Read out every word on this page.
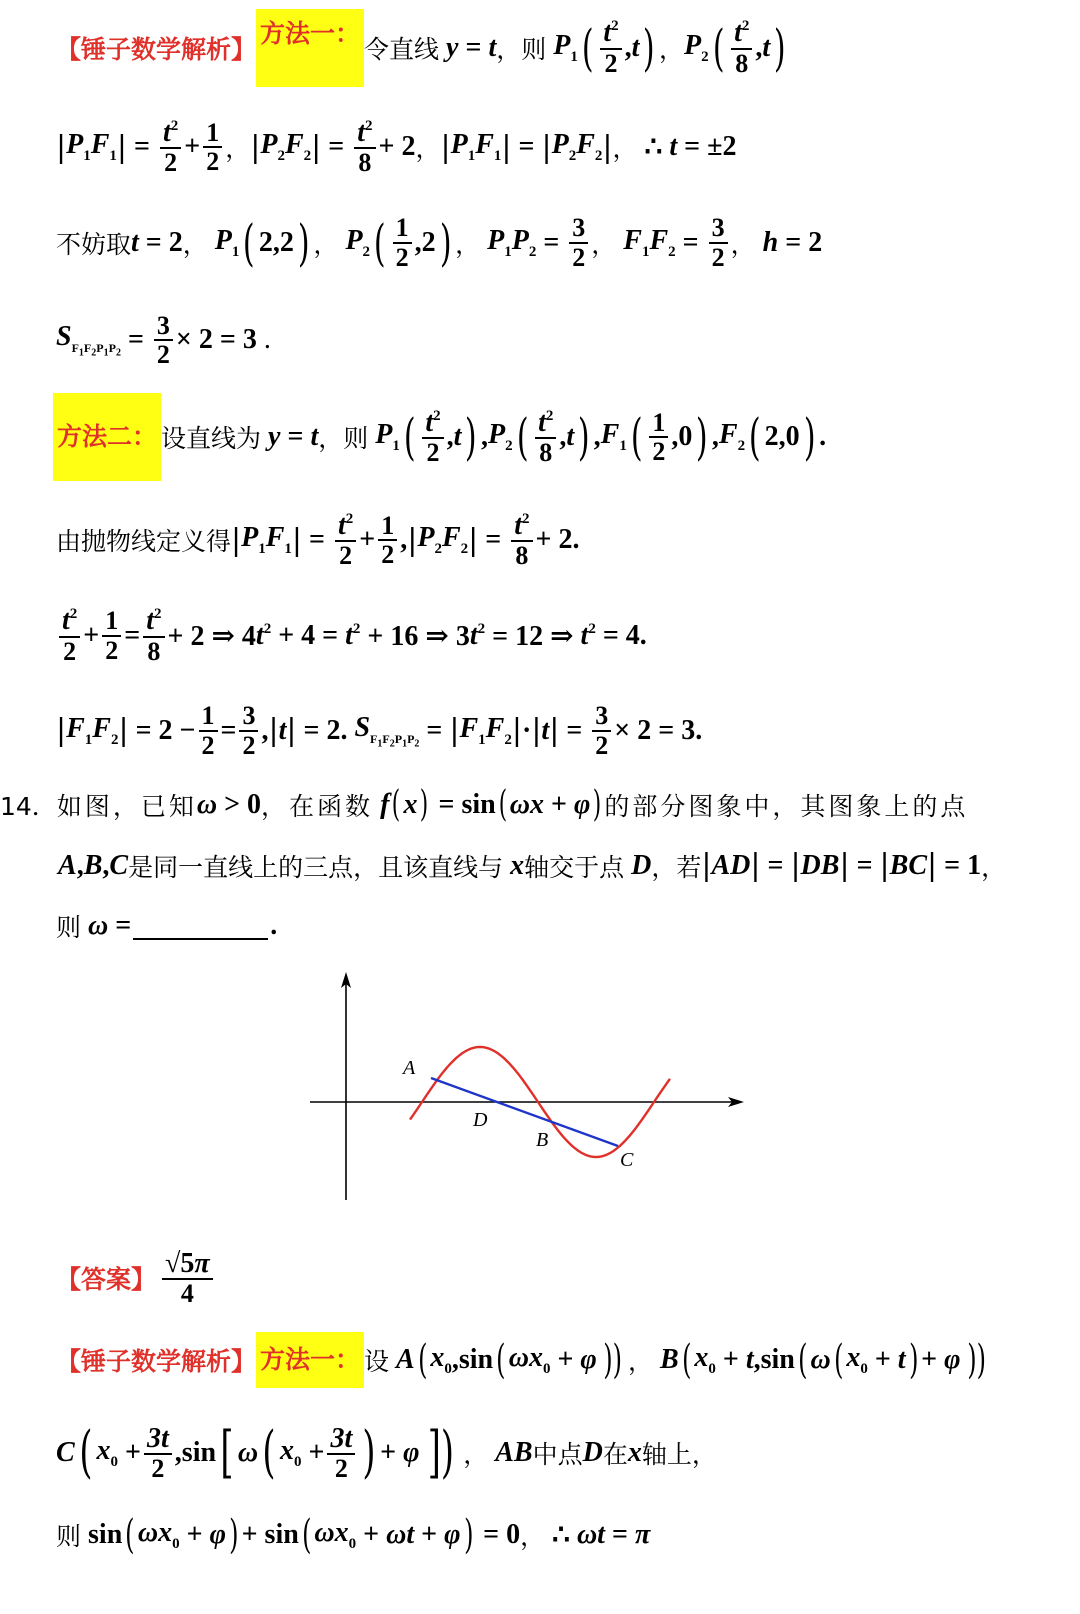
【锤子数学解析】
方法一：
令直线 y = t ， 则 $P_1$ ( $\frac{t^2}{2}$ , t ) ， $P_2$ ( $\frac{t^2}{8}$ , t )
| $P_1F_1$ | = $\frac{t^2}{2} + \frac{1}{2}$ ， | $P_2F_2$ | = $\frac{t^2}{8} + 2$ ， | $P_1F_1$ | = | $P_2F_2$ | ， ∴ t = ±2
不妨取 t = 2 ， $P_1$ ( 2,2 ) ， $P_2$ ( $\frac{1}{2} ,2$ ) ， $P_1P_2 = \frac{3}{2}$ ， $F_1F_2 = \frac{3}{2}$ ， h = 2
$S_{F_1F_2P_1P_2} = \frac{3}{2} \times 2 = 3$ .
方法二： 设直线为 y = t ， 则 $P_1$ ( $\frac{t^2}{2}$ , t ) , $P_2$ ( $\frac{t^2}{8}$ , t ) , $F_1$ ( $\frac{1}{2} ,0$ ) , $F_2$ ( 2,0 ) .
由抛物线定义得 | $P_1F_1$ | = $\frac{t^2}{2} + \frac{1}{2}$ , | $P_2F_2$ | = $\frac{t^2}{8} + 2$.
$\frac{t^2}{2} + \frac{1}{2} = \frac{t^2}{8} + 2$ ⇒ 4 $t^2 + 4 = t^2 + 16$ ⇒ 3 $t^2 = 12$ ⇒ $t^2 = 4$.
| $F_1F_2$ | = $2 - \frac{1}{2} = \frac{3}{2}$ , | t | = 2. $S_{F_1F_2P_1P_2}$ = | $F_1F_2$ | · | t | = $\frac{3}{2} \times 2 = 3$.
14． 如图，已知 ω > 0 ，在函数 f ( x ) = sin ( ωx + φ ) 的部分图象中，其图象上的点
A , B , C 是同一直线上的三点，且该直线与 x 轴交于点 D ，若 | AD | = | DB | = | BC | = 1 ，
则 ω =	.
A
D
B
C
【答案】 $\frac{√5\pi}{4}$
【锤子数学解析】 方法一： 设 A ( $x_0$ ,sin ( $\omega x_0 + \varphi$ )) ， B ( $x_0 + t$ ,sin ( ω ( $x_0 + t$ ) + φ ))
C ( $x_0 + \frac{3t}{2} ,\sin$ [ ω ( $x_0 + \frac{3t}{2}$ ) + φ ]) ， AB 中点 D 在 x 轴上，
则 sin ( $\omega x_0 + \varphi$ ) + sin ( $\omega x_0 + \omega t + \varphi$ ) = 0 ，
∴ ωt = π
